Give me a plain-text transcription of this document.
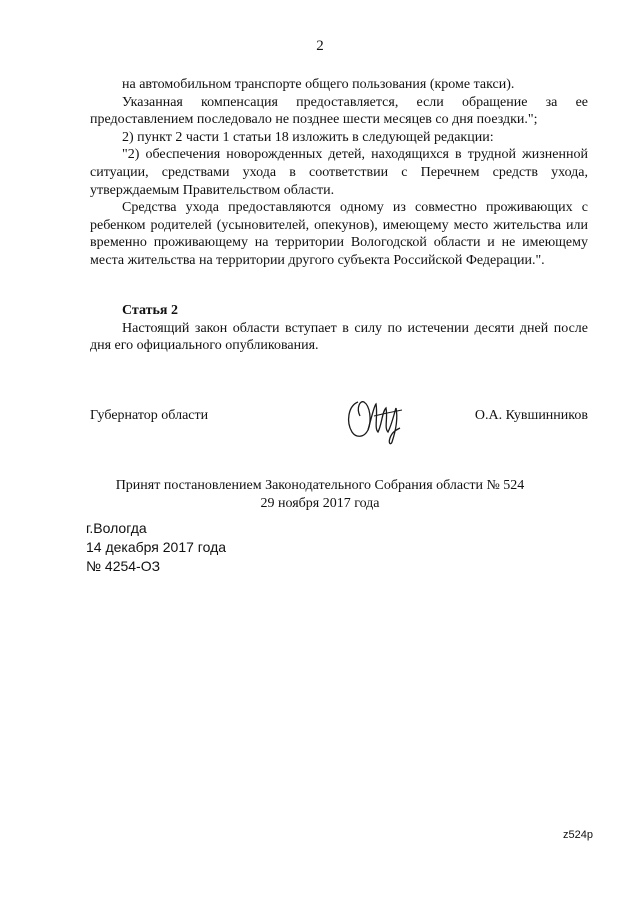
2

на автомобильном транспорте общего пользования (кроме такси).

Указанная компенсация предоставляется, если обращение за ее предоставлением последовало не позднее шести месяцев со дня поездки.";

2) пункт 2 части 1 статьи 18 изложить в следующей редакции:

"2) обеспечения новорожденных детей, находящихся в трудной жизненной ситуации, средствами ухода в соответствии с Перечнем средств ухода, утверждаемым Правительством области.

Средства ухода предоставляются одному из совместно проживающих с ребенком родителей (усыновителей, опекунов), имеющему место жительства или временно проживающему на территории Вологодской области и не имеющему места жительства на территории другого субъекта Российской Федерации.".

Статья 2

Настоящий закон области вступает в силу по истечении десяти дней после дня его официального опубликования.

Губернатор области	О.А. Кувшинников
Принят постановлением Законодательного Собрания области № 524
29 ноября 2017 года
г.Вологда
14 декабря 2017 года
№ 4254-ОЗ
z524p
